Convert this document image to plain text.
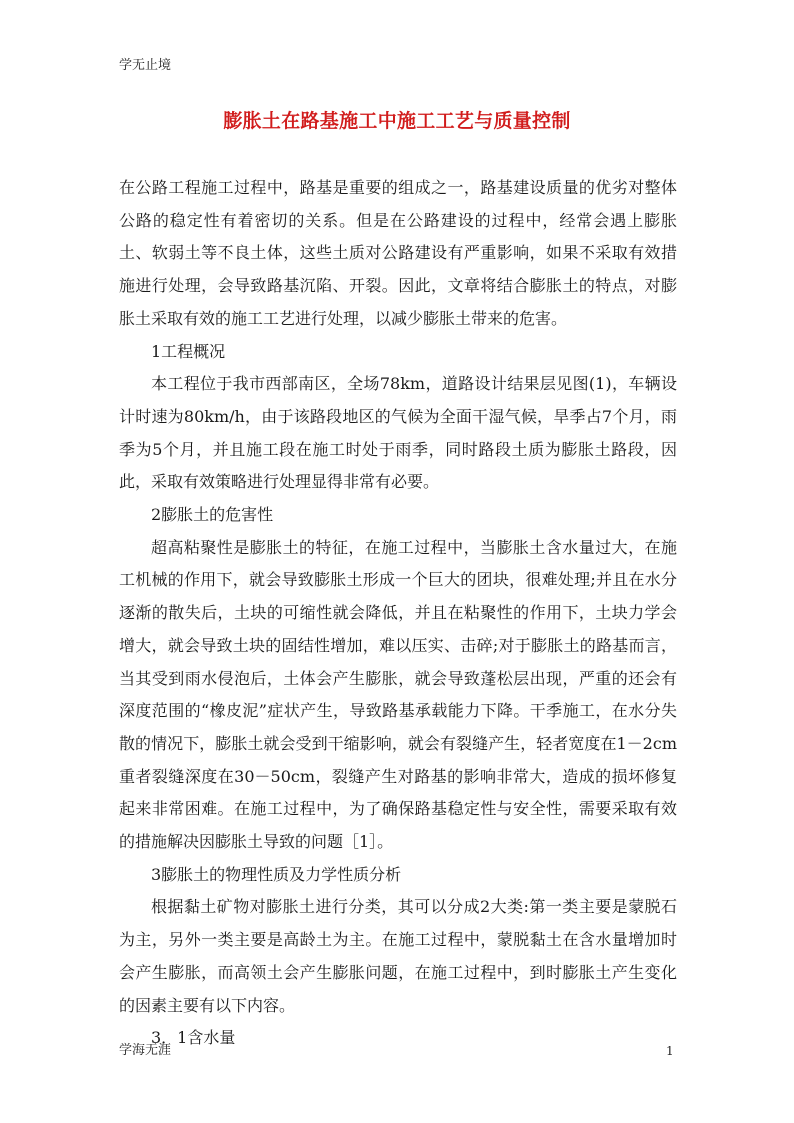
学无止境
膨胀土在路基施工中施工工艺与质量控制

在公路工程施工过程中，路基是重要的组成之一，路基建设质量的优劣对整体公路的稳定性有着密切的关系。但是在公路建设的过程中，经常会遇上膨胀土、软弱土等不良土体，这些土质对公路建设有严重影响，如果不采取有效措施进行处理，会导致路基沉陷、开裂。因此，文章将结合膨胀土的特点，对膨胀土采取有效的施工工艺进行处理，以减少膨胀土带来的危害。

1工程概况

本工程位于我市西部南区，全场78km，道路设计结果层见图(1)，车辆设计时速为80km/h，由于该路段地区的气候为全面干湿气候，旱季占7个月，雨季为5个月，并且施工段在施工时处于雨季，同时路段土质为膨胀土路段，因此，采取有效策略进行处理显得非常有必要。

2膨胀土的危害性

超高粘聚性是膨胀土的特征，在施工过程中，当膨胀土含水量过大，在施工机械的作用下，就会导致膨胀土形成一个巨大的团块，很难处理;并且在水分逐渐的散失后，土块的可缩性就会降低，并且在粘聚性的作用下，土块力学会增大，就会导致土块的固结性增加，难以压实、击碎;对于膨胀土的路基而言，当其受到雨水侵泡后，土体会产生膨胀，就会导致蓬松层出现，严重的还会有深度范围的“橡皮泥”症状产生，导致路基承载能力下降。干季施工，在水分失散的情况下，膨胀土就会受到干缩影响，就会有裂缝产生，轻者宽度在1－2cm重者裂缝深度在30－50cm，裂缝产生对路基的影响非常大，造成的损坏修复起来非常困难。在施工过程中，为了确保路基稳定性与安全性，需要采取有效的措施解决因膨胀土导致的问题［1］。

3膨胀土的物理性质及力学性质分析

根据黏土矿物对膨胀土进行分类，其可以分成2大类:第一类主要是蒙脱石为主，另外一类主要是高龄土为主。在施工过程中，蒙脱黏土在含水量增加时会产生膨胀，而高领土会产生膨胀问题，在施工过程中，到时膨胀土产生变化的因素主要有以下内容。

3．1含水量

学海无涯	1
